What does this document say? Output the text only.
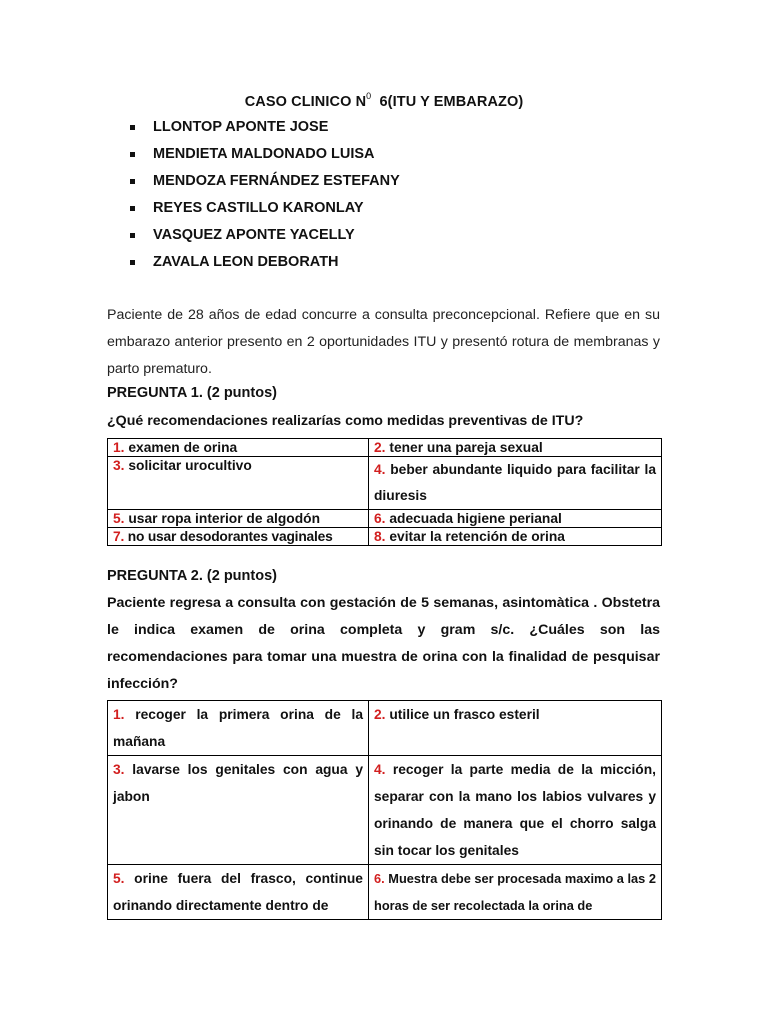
CASO CLINICO $N^0$  6(ITU Y EMBARAZO)
LLONTOP APONTE JOSE
MENDIETA MALDONADO LUISA
MENDOZA FERNÁNDEZ ESTEFANY
REYES CASTILLO KARONLAY
VASQUEZ APONTE YACELLY
ZAVALA LEON DEBORATH
Paciente de 28 años de edad concurre a consulta preconcepcional. Refiere que en su embarazo anterior presento en 2 oportunidades ITU y presentó rotura de membranas y parto prematuro.
PREGUNTA 1. (2 puntos)
¿Qué recomendaciones realizarías como medidas preventivas de ITU?
1. examen de orina	2. tener una pareja sexual
3. solicitar urocultivo	4. beber abundante liquido para facilitar la diuresis
5. usar ropa interior de algodón	6. adecuada higiene perianal
7. no usar desodorantes vaginales	8. evitar la retención de orina
PREGUNTA 2. (2 puntos)
Paciente regresa a consulta con gestación de 5 semanas, asintomàtica . Obstetra le indica examen de orina completa y gram s/c. ¿Cuáles son las recomendaciones para tomar una muestra de orina con la finalidad de pesquisar infección?
1. recoger la primera orina de la mañana	2. utilice un frasco esteril
3. lavarse los genitales con agua y jabon	4. recoger la parte media de la micción, separar con la mano los labios vulvares y orinando de manera que el chorro salga sin tocar los genitales
5. orine fuera del frasco, continue orinando directamente dentro de	6. Muestra debe ser procesada maximo a las 2 horas de ser recolectada la orina de
